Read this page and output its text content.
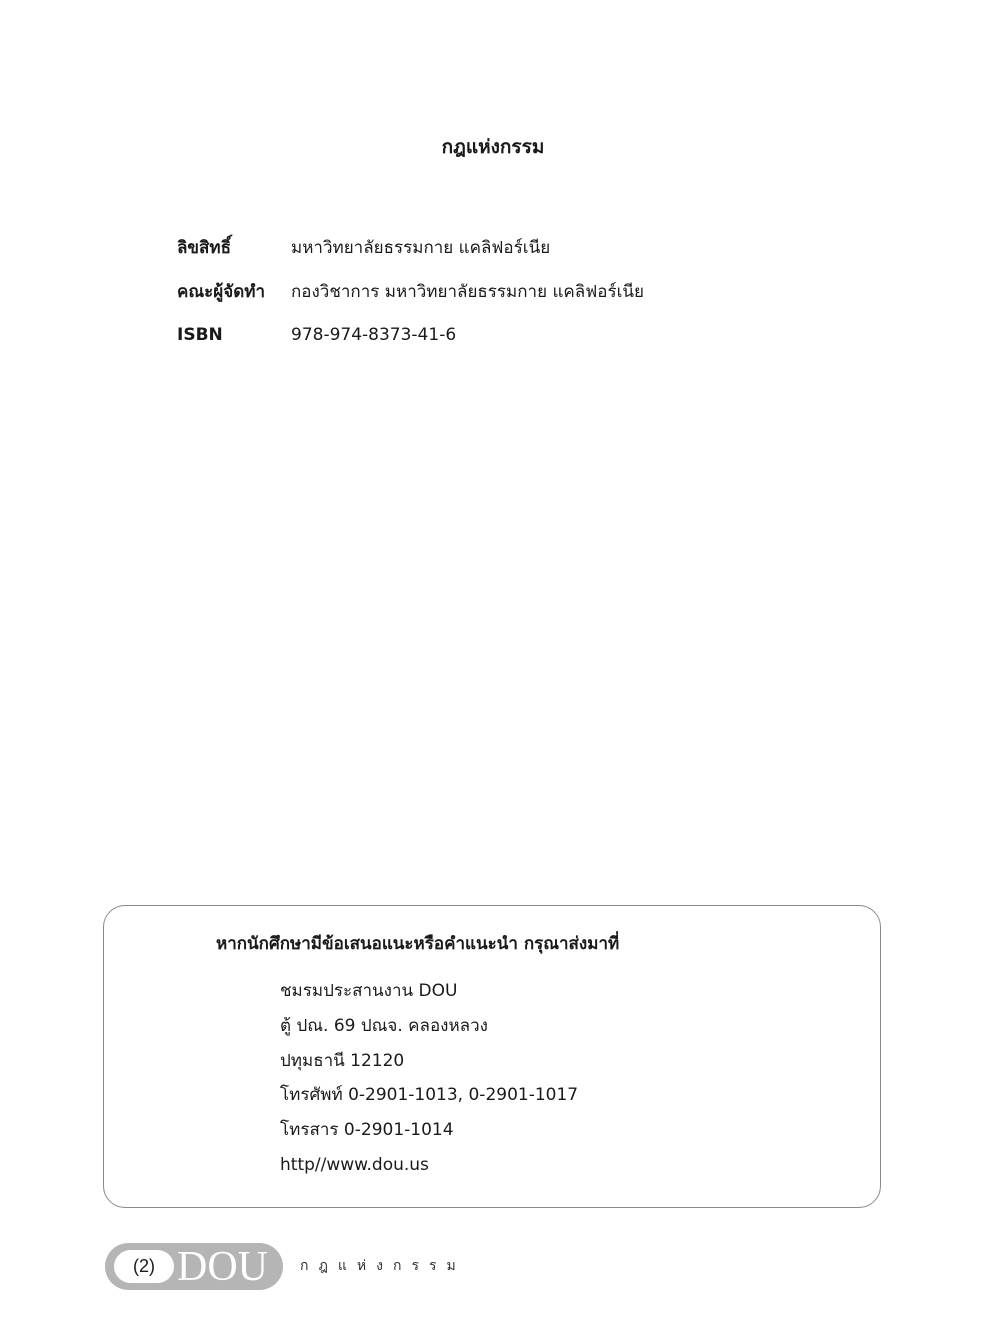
กฎแห่งกรรม
ลิขสิทธิ์	มหาวิทยาลัยธรรมกาย แคลิฟอร์เนีย
คณะผู้จัดทำ	กองวิชาการ มหาวิทยาลัยธรรมกาย แคลิฟอร์เนีย
ISBN	978-974-8373-41-6
หากนักศึกษามีข้อเสนอแนะหรือคำแนะนำ กรุณาส่งมาที่
ชมรมประสานงาน DOU
ตู้ ปณ. 69 ปณจ. คลองหลวง
ปทุมธานี 12120
โทรศัพท์ 0-2901-1013, 0-2901-1017
โทรสาร 0-2901-1014
http//www.dou.us
(2) DOU กฎแห่งกรรม
